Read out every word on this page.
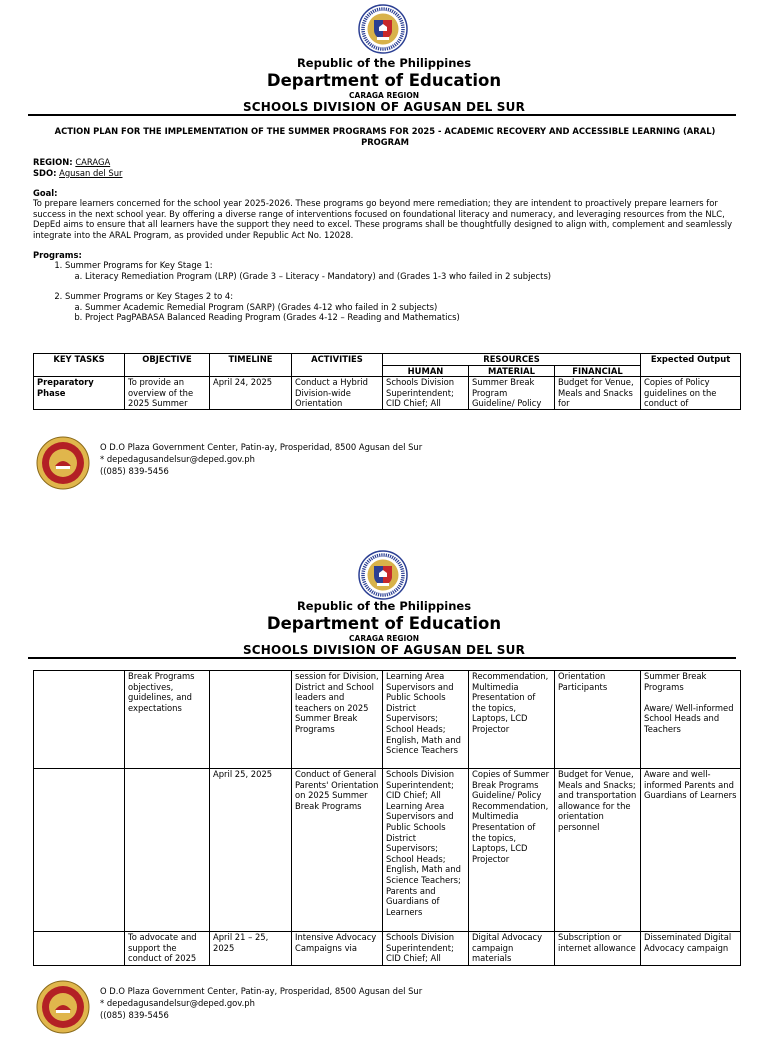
Republic of the Philippines
Department of Education
CARAGA REGION
SCHOOLS DIVISION OF AGUSAN DEL SUR
ACTION PLAN FOR THE IMPLEMENTATION OF THE SUMMER PROGRAMS FOR 2025 - ACADEMIC RECOVERY AND ACCESSIBLE LEARNING (ARAL) PROGRAM
REGION: CARAGA
SDO: Agusan del Sur
Goal:
To prepare learners concerned for the school year 2025-2026. These programs go beyond mere remediation; they are intendent to proactively prepare learners for success in the next school year. By offering a diverse range of interventions focused on foundational literacy and numeracy, and leveraging resources from the NLC, DepEd aims to ensure that all learners have the support they need to excel. These programs shall be thoughtfully designed to align with, complement and seamlessly integrate into the ARAL Program, as provided under Republic Act No. 12028.
Programs:
1. Summer Programs for Key Stage 1:
a. Literacy Remediation Program (LRP) (Grade 3 – Literacy - Mandatory) and (Grades 1-3 who failed in 2 subjects)
2. Summer Programs or Key Stages 2 to 4:
a. Summer Academic Remedial Program (SARP) (Grades 4-12 who failed in 2 subjects)
b. Project PagPABASA Balanced Reading Program (Grades 4-12 – Reading and Mathematics)
KEY TASKS	OBJECTIVE	TIMELINE	ACTIVITIES	RESOURCES			Expected Output
				HUMAN	MATERIAL	FINANCIAL	
Preparatory Phase	To provide an overview of the 2025 Summer	April 24, 2025	Conduct a Hybrid Division-wide Orientation	Schools Division Superintendent; CID Chief; All	Summer Break Program Guideline/ Policy	Budget for Venue, Meals and Snacks for	Copies of Policy guidelines on the conduct of
O D.O Plaza Government Center, Patin-ay, Prosperidad, 8500 Agusan del Sur
* depedagusandelsur@deped.gov.ph
((085) 839-5456
Republic of the Philippines
Department of Education
CARAGA REGION
SCHOOLS DIVISION OF AGUSAN DEL SUR
	Break Programs objectives, guidelines, and expectations		session for Division, District and School leaders and teachers on 2025 Summer Break Programs	Learning Area Supervisors and Public Schools District Supervisors; School Heads; English, Math and Science Teachers	Recommendation, Multimedia Presentation of the topics, Laptops, LCD Projector	Orientation Participants	Summer Break Programs

Aware/ Well-informed School Heads and Teachers
		April 25, 2025	Conduct of General Parents' Orientation on 2025 Summer Break Programs	Schools Division Superintendent; CID Chief; All Learning Area Supervisors and Public Schools District Supervisors; School Heads; English, Math and Science Teachers; Parents and Guardians of Learners	Copies of Summer Break Programs Guideline/ Policy Recommendation, Multimedia Presentation of the topics, Laptops, LCD Projector	Budget for Venue, Meals and Snacks; and transportation allowance for the orientation personnel	Aware and well-informed Parents and Guardians of Learners
	To advocate and support the conduct of 2025	April 21 – 25, 2025	Intensive Advocacy Campaigns via	Schools Division Superintendent; CID Chief; All	Digital Advocacy campaign materials	Subscription or internet allowance	Disseminated Digital Advocacy campaign
O D.O Plaza Government Center, Patin-ay, Prosperidad, 8500 Agusan del Sur
* depedagusandelsur@deped.gov.ph
((085) 839-5456
